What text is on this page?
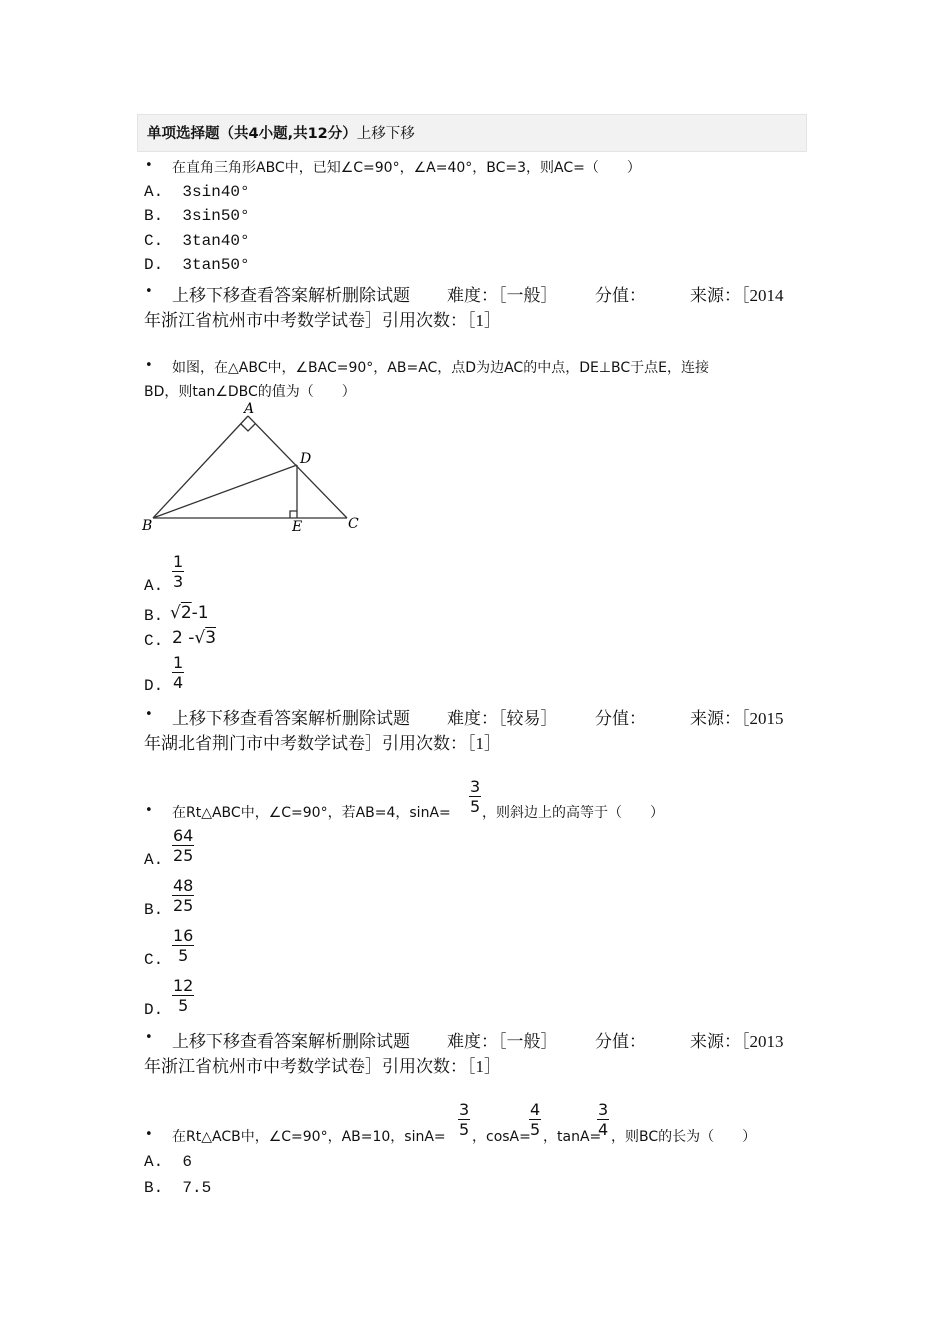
单项选择题（共4小题,共12分）上移下移
• 在直角三角形ABC中，已知∠C=90°，∠A=40°，BC=3，则AC=（　　）
A. 3sin40°
B. 3sin50°
C. 3tan40°
D. 3tan50°
• 上移下移查看答案解析删除试题 难度：［一般］ 分值：	来源：［2014
年浙江省杭州市中考数学试卷］引用次数：［1］
• 如图，在△ABC中，∠BAC=90°，AB=AC，点D为边AC的中点，DE⊥BC于点E，连接
BD，则tan∠DBC的值为（　　）
A
B	C
D
E
A.
1
3
B. √2-1
C. 2 -√3
D.
1
4
• 上移下移查看答案解析删除试题 难度：［较易］ 分值：	来源：［2015
年湖北省荆门市中考数学试卷］引用次数：［1］
• 在Rt△ABC中，∠C=90°，若AB=4，sinA=
3
5 ，则斜边上的高等于（　　）
A.
64
25
B.
48
25
C.
16
5
D.
12
5
• 上移下移查看答案解析删除试题 难度：［一般］ 分值：	来源：［2013
年浙江省杭州市中考数学试卷］引用次数：［1］
• 在Rt△ACB中，∠C=90°，AB=10，sinA=
3
5 ，cosA=
4
5 ，tanA=
3
4 ，则BC的长为（　　）
A. 6
B. 7.5
